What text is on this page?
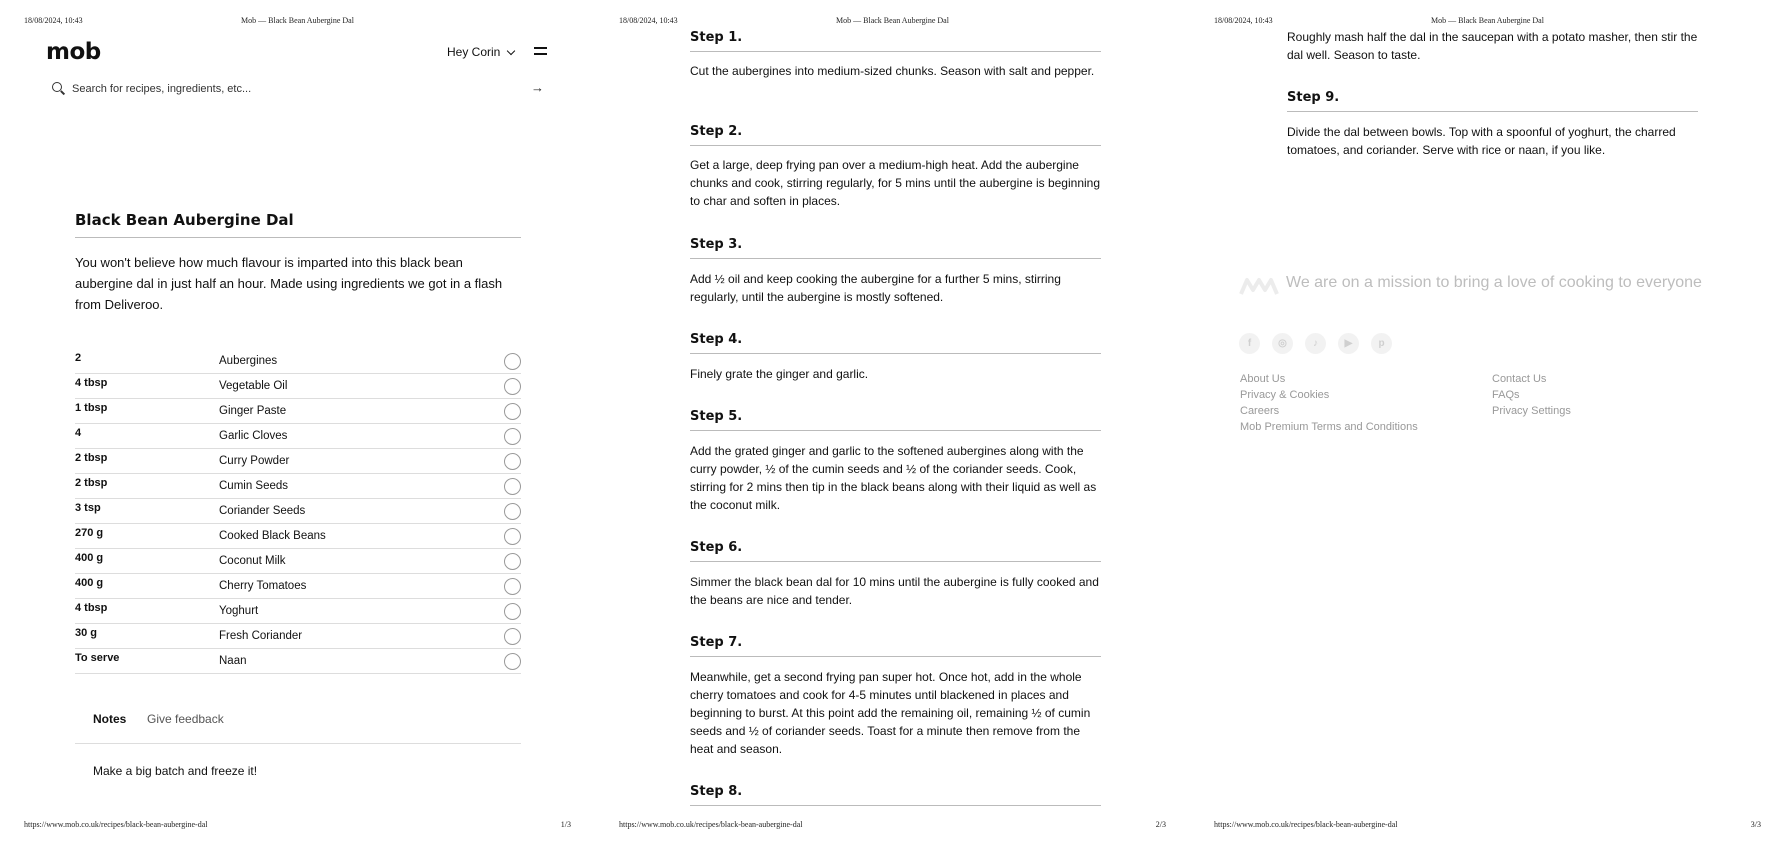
18/08/2024, 10:43	Mob — Black Bean Aubergine Dal
mob	Hey Corin
Search for recipes, ingredients, etc...
→
Black Bean Aubergine Dal

You won't believe how much flavour is imparted into this black bean aubergine dal in just half an hour. Made using ingredients we got in a flash from Deliveroo.

2	Aubergines
4 tbsp	Vegetable Oil
1 tbsp	Ginger Paste
4	Garlic Cloves
2 tbsp	Curry Powder
2 tbsp	Cumin Seeds
3 tsp	Coriander Seeds
270 g	Cooked Black Beans
400 g	Coconut Milk
400 g	Cherry Tomatoes
4 tbsp	Yoghurt
30 g	Fresh Coriander
To serve	Naan
Notes Give feedback
Make a big batch and freeze it!
https://www.mob.co.uk/recipes/black-bean-aubergine-dal	1/3
18/08/2024, 10:43	Mob — Black Bean Aubergine Dal
Step 1.
Cut the aubergines into medium-sized chunks. Season with salt and pepper.
Step 2.
Get a large, deep frying pan over a medium-high heat. Add the aubergine chunks and cook, stirring regularly, for 5 mins until the aubergine is beginning to char and soften in places.
Step 3.
Add ½ oil and keep cooking the aubergine for a further 5 mins, stirring regularly, until the aubergine is mostly softened.
Step 4.
Finely grate the ginger and garlic.
Step 5.
Add the grated ginger and garlic to the softened aubergines along with the curry powder, ½ of the cumin seeds and ½ of the coriander seeds. Cook, stirring for 2 mins then tip in the black beans along with their liquid as well as the coconut milk.
Step 6.
Simmer the black bean dal for 10 mins until the aubergine is fully cooked and the beans are nice and tender.
Step 7.
Meanwhile, get a second frying pan super hot. Once hot, add in the whole cherry tomatoes and cook for 4-5 minutes until blackened in places and beginning to burst. At this point add the remaining oil, remaining ½ of cumin seeds and ½ of coriander seeds. Toast for a minute then remove from the heat and season.
Step 8.
https://www.mob.co.uk/recipes/black-bean-aubergine-dal	2/3
18/08/2024, 10:43	Mob — Black Bean Aubergine Dal
Roughly mash half the dal in the saucepan with a potato masher, then stir the dal well. Season to taste.
Step 9.
Divide the dal between bowls. Top with a spoonful of yoghurt, the charred tomatoes, and coriander. Serve with rice or naan, if you like.
We are on a mission to bring a love of cooking to everyone
f	◎	♪	▶	p
About Us
Privacy & Cookies
Careers
Mob Premium Terms and Conditions
Contact Us
FAQs
Privacy Settings
https://www.mob.co.uk/recipes/black-bean-aubergine-dal	3/3
